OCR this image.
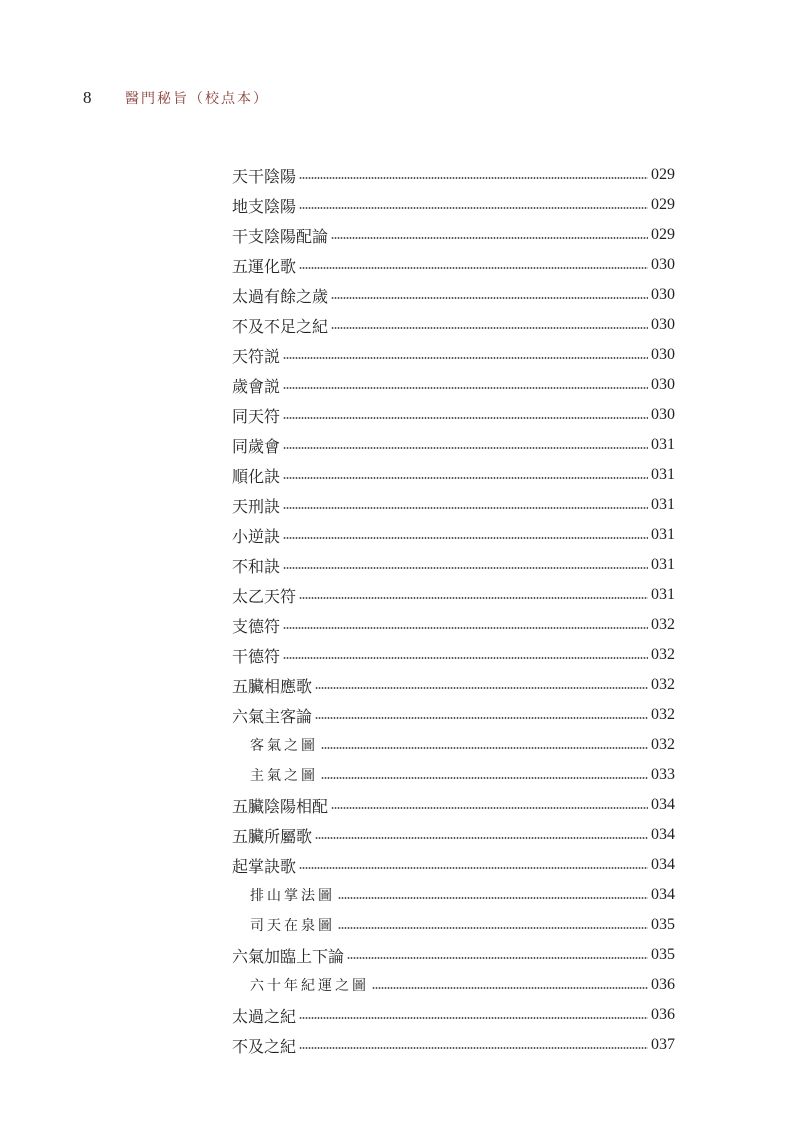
8	醫門秘旨（校点本）
天干陰陽	029
地支陰陽	029
干支陰陽配論	029
五運化歌	030
太過有餘之歲	030
不及不足之紀	030
天符説	030
歲會説	030
同天符	030
同歲會	031
順化訣	031
天刑訣	031
小逆訣	031
不和訣	031
太乙天符	031
支德符	032
干德符	032
五臟相應歌	032
六氣主客論	032
客氣之圖	032
主氣之圖	033
五臟陰陽相配	034
五臟所屬歌	034
起掌訣歌	034
排山掌法圖	034
司天在泉圖	035
六氣加臨上下論	035
六十年紀運之圖	036
太過之紀	036
不及之紀	037
